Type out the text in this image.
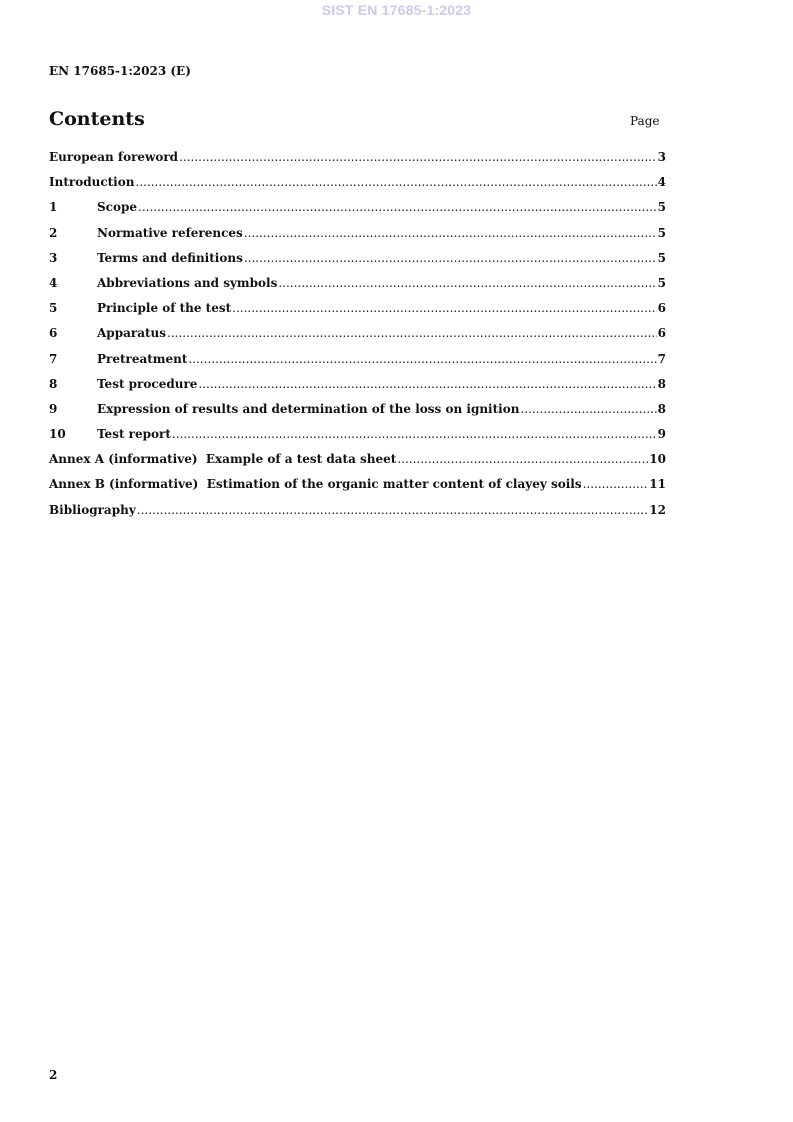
SIST EN 17685-1:2023
EN 17685-1:2023 (E)
Contents	Page
European foreword .....	3
Introduction .....	4
1	Scope .....	5
2	Normative references .....	5
3	Terms and definitions .....	5
4	Abbreviations and symbols .....	5
5	Principle of the test .....	6
6	Apparatus .....	6
7	Pretreatment .....	7
8	Test procedure .....	8
9	Expression of results and determination of the loss on ignition .....	8
10	Test report .....	9
Annex A (informative)  Example of a test data sheet .....	10
Annex B (informative)  Estimation of the organic matter content of clayey soils .....	11
Bibliography .....	12
2
